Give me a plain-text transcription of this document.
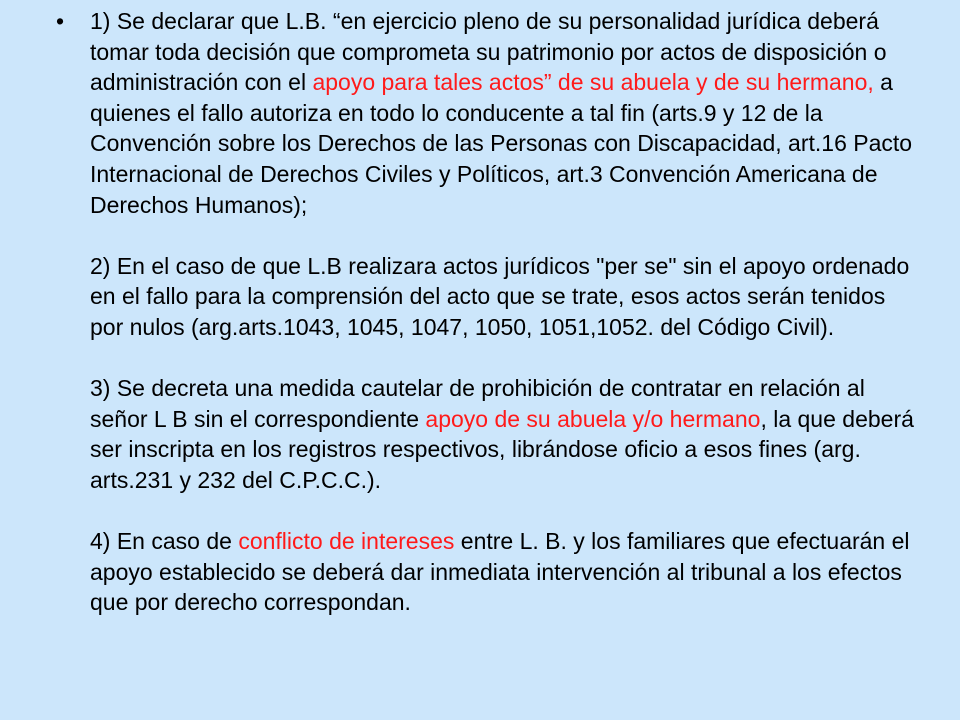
• 1) Se declarar que L.B. “en ejercicio pleno de su personalidad jurídica deberá tomar toda decisión que comprometa su patrimonio por actos de disposición o administración con el apoyo para tales actos” de su abuela y de su hermano, a quienes el fallo autoriza en todo lo conducente a tal fin (arts.9 y 12 de la Convención sobre los Derechos de las Personas con Discapacidad, art.16 Pacto Internacional de Derechos Civiles y Políticos, art.3 Convención Americana de Derechos Humanos);

2) En el caso de que L.B realizara actos jurídicos "per se" sin el apoyo ordenado en el fallo para la comprensión del acto que se trate, esos actos serán tenidos por nulos (arg.arts.1043, 1045, 1047, 1050, 1051,1052. del Código Civil).

3) Se decreta una medida cautelar de prohibición de contratar en relación al señor L B sin el correspondiente apoyo de su abuela y/o hermano, la que deberá ser inscripta en los registros respectivos, librándose oficio a esos fines (arg. arts.231 y 232 del C.P.C.C.).

4) En caso de conflicto de intereses entre L. B. y los familiares que efectuarán el apoyo establecido se deberá dar inmediata intervención al tribunal a los efectos que por derecho correspondan.
